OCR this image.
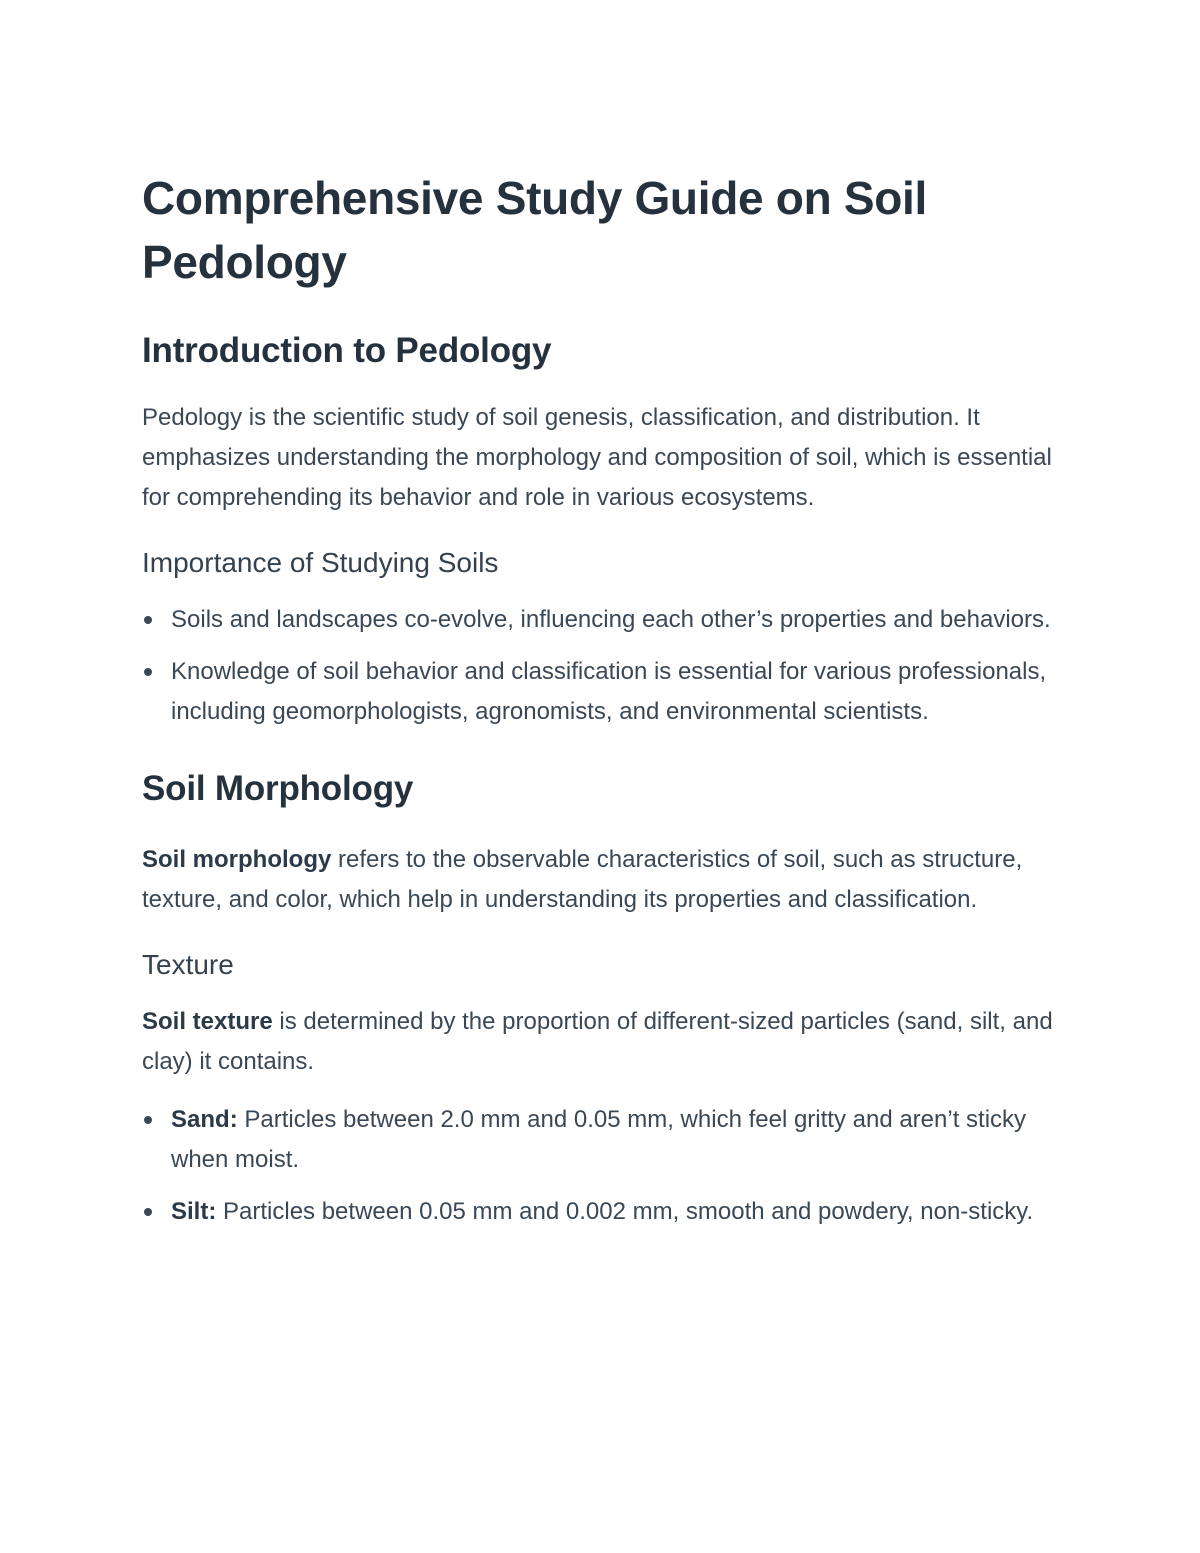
Comprehensive Study Guide on Soil Pedology
Introduction to Pedology

Pedology is the scientific study of soil genesis, classification, and distribution. It emphasizes understanding the morphology and composition of soil, which is essential for comprehending its behavior and role in various ecosystems.

Importance of Studying Soils
Soils and landscapes co-evolve, influencing each other’s properties and behaviors.
Knowledge of soil behavior and classification is essential for various professionals, including geomorphologists, agronomists, and environmental scientists.
Soil Morphology

Soil morphology refers to the observable characteristics of soil, such as structure, texture, and color, which help in understanding its properties and classification.

Texture

Soil texture is determined by the proportion of different-sized particles (sand, silt, and clay) it contains.

Sand: Particles between 2.0 mm and 0.05 mm, which feel gritty and aren’t sticky when moist.
Silt: Particles between 0.05 mm and 0.002 mm, smooth and powdery, non-sticky.
